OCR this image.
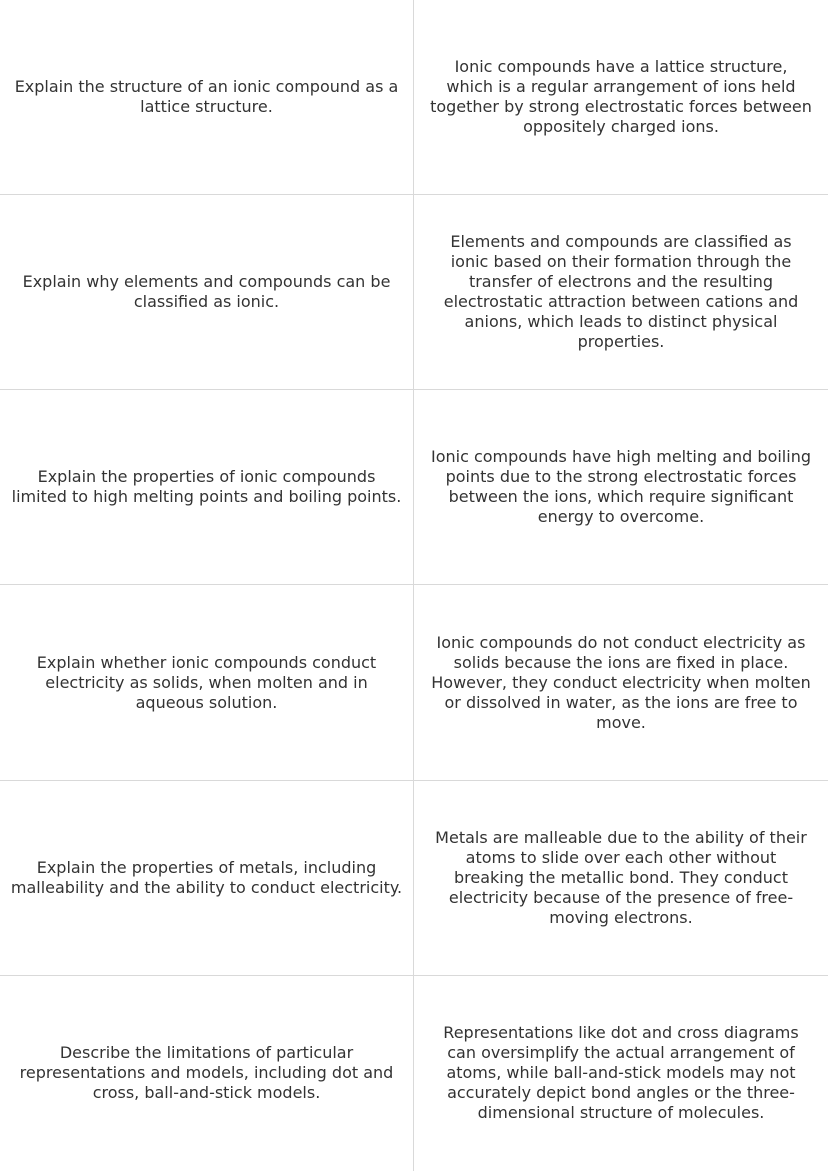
Explain the structure of an ionic compound as a lattice structure.
Ionic compounds have a lattice structure, which is a regular arrangement of ions held together by strong electrostatic forces between oppositely charged ions.
Explain why elements and compounds can be classified as ionic.
Elements and compounds are classified as ionic based on their formation through the transfer of electrons and the resulting electrostatic attraction between cations and anions, which leads to distinct physical properties.
Explain the properties of ionic compounds limited to high melting points and boiling points.
Ionic compounds have high melting and boiling points due to the strong electrostatic forces between the ions, which require significant energy to overcome.
Explain whether ionic compounds conduct electricity as solids, when molten and in aqueous solution.
Ionic compounds do not conduct electricity as solids because the ions are fixed in place. However, they conduct electricity when molten or dissolved in water, as the ions are free to move.
Explain the properties of metals, including malleability and the ability to conduct electricity.
Metals are malleable due to the ability of their atoms to slide over each other without breaking the metallic bond. They conduct electricity because of the presence of free-moving electrons.
Describe the limitations of particular representations and models, including dot and cross, ball-and-stick models.
Representations like dot and cross diagrams can oversimplify the actual arrangement of atoms, while ball-and-stick models may not accurately depict bond angles or the three-dimensional structure of molecules.
